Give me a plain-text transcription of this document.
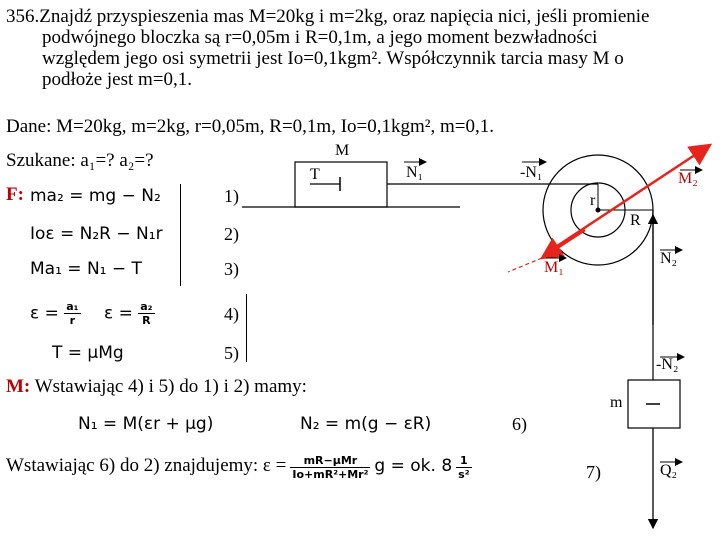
356.Znajdź przyspieszenia mas M=20kg i m=2kg, oraz napięcia nici, jeśli promienie
podwójnego bloczka są r=0,05m i R=0,1m, a jego moment bezwładności
względem jego osi symetrii jest Io=0,1kgm². Współczynnik tarcia masy M o
podłoże jest m=0,1.
Dane: M=20kg, m=2kg, r=0,05m, R=0,1m, Io=0,1kgm², m=0,1.
Szukane: a₁=? a₂=?
F: ma₂ = mg − N₂	1)
Ioε = N₂R − N₁r	2)
Ma₁ = N₁ − T	3)
$\varepsilon = \frac{\text{a₁}}{r}$ $\varepsilon = \frac{\text{a₂}}{R}$	4)
T = μMg	5)
M: Wstawiając 4) i 5) do 1) i 2) mamy:
N₁ = M(εr + μg)	N₂ = m(g − εR)	6)
Wstawiając 6) do 2) znajdujemy: $\varepsilon = \frac{\text{mR−μMr}}{\text{Io+mR²+Mr²}}$ g = ok. $8 \frac{1}{\text{s²}}$	7)
M
T	N₁	-N₁	M₂
r
R
N₂
M₁
-N₂
m
Q₂
